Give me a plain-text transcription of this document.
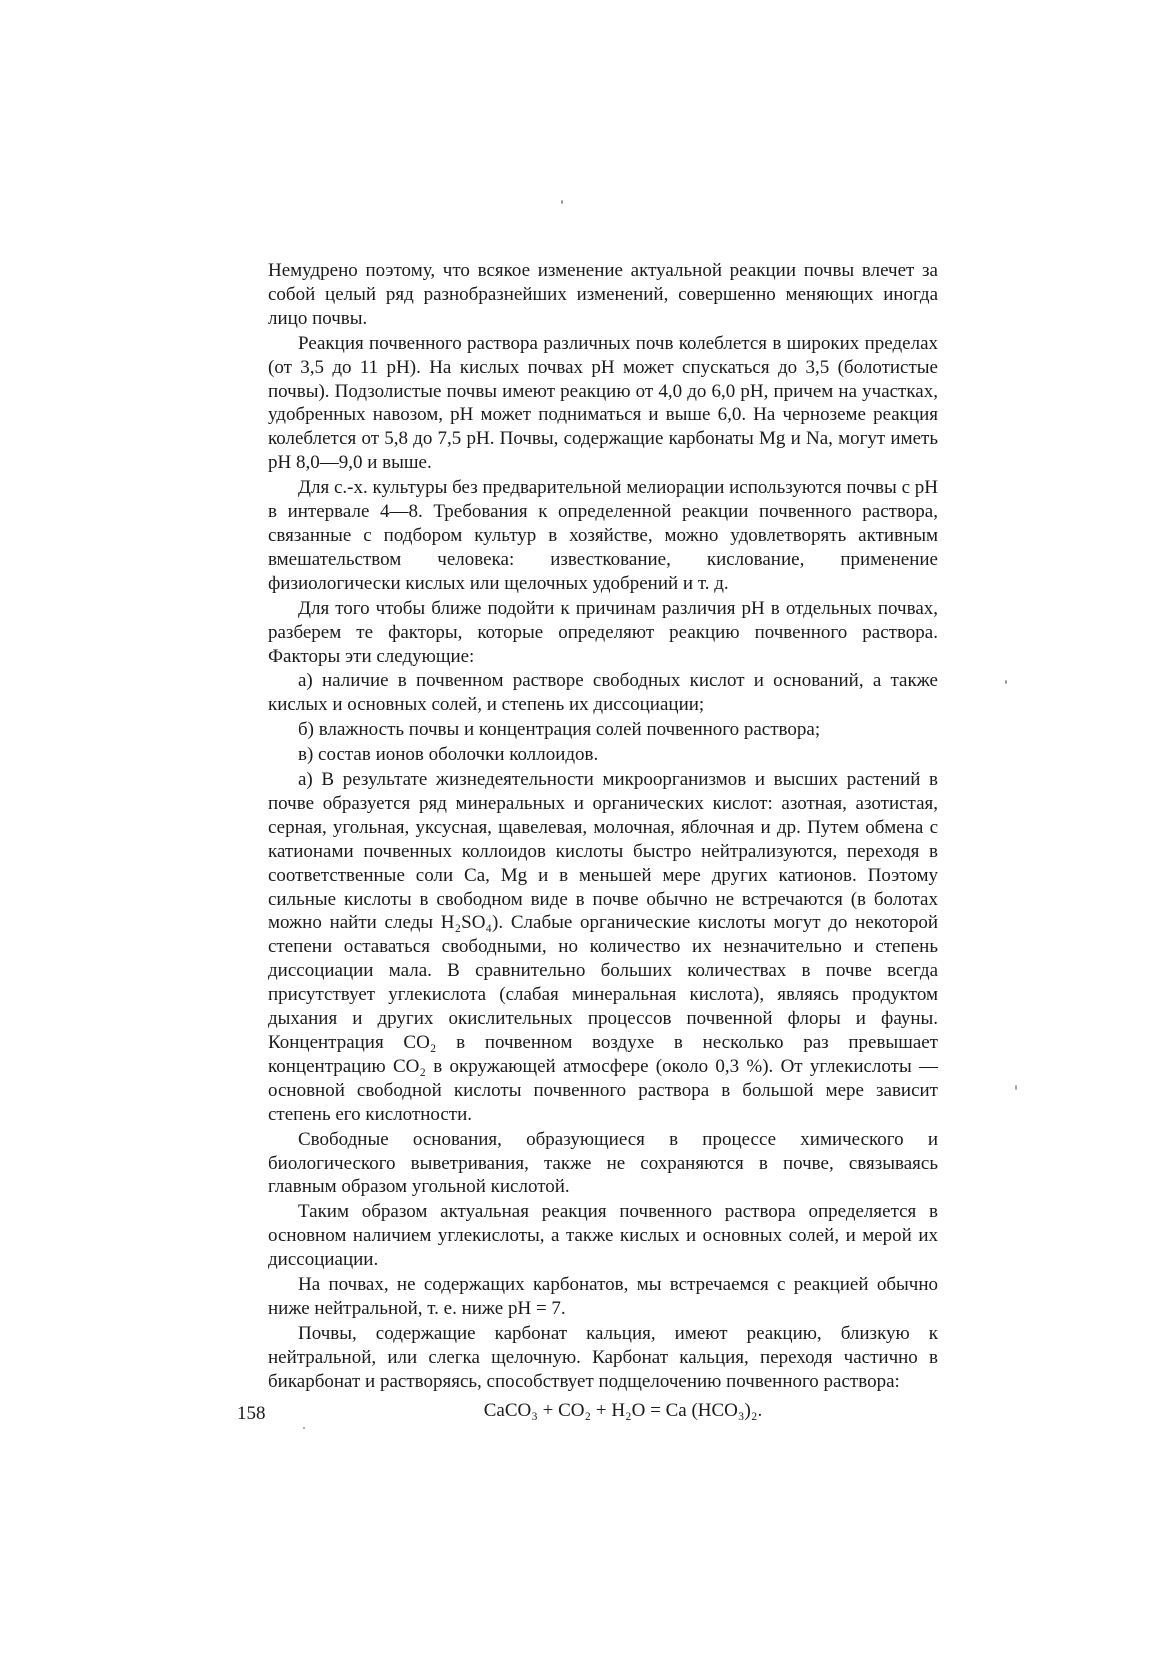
Немудрено поэтому, что всякое изменение актуальной реакции почвы влечет за собой целый ряд разнобразнейших изменений, совершенно меняющих иногда лицо почвы.

Реакция почвенного раствора различных почв колеблется в широких пределах (от 3,5 до 11 pH). На кислых почвах pH может спускаться до 3,5 (болотистые почвы). Подзолистые почвы имеют реакцию от 4,0 до 6,0 pH, причем на участках, удобренных навозом, pH может подниматься и выше 6,0. На черноземе реакция колеблется от 5,8 до 7,5 pH. Почвы, содержащие карбонаты Mg и Na, могут иметь pH 8,0—9,0 и выше.

Для с.-х. культуры без предварительной мелиорации используются почвы с pH в интервале 4—8. Требования к определенной реакции почвенного раствора, связанные с подбором культур в хозяйстве, можно удовлетворять активным вмешательством человека: известкование, кислование, применение физиологически кислых или щелочных удобрений и т. д.

Для того чтобы ближе подойти к причинам различия pH в отдельных почвах, разберем те факторы, которые определяют реакцию почвенного раствора. Факторы эти следующие:

а) наличие в почвенном растворе свободных кислот и оснований, а также кислых и основных солей, и степень их диссоциации;

б) влажность почвы и концентрация солей почвенного раствора;

в) состав ионов оболочки коллоидов.

а) В результате жизнедеятельности микроорганизмов и высших растений в почве образуется ряд минеральных и органических кислот: азотная, азотистая, серная, угольная, уксусная, щавелевая, молочная, яблочная и др. Путем обмена с катионами почвенных коллоидов кислоты быстро нейтрализуются, переходя в соответственные соли Ca, Mg и в меньшей мере других катионов. Поэтому сильные кислоты в свободном виде в почве обычно не встречаются (в болотах можно найти следы H₂SO₄). Слабые органические кислоты могут до некоторой степени оставаться свободными, но количество их незначительно и степень диссоциации мала. В сравнительно больших количествах в почве всегда присутствует углекислота (слабая минеральная кислота), являясь продуктом дыхания и других окислительных процессов почвенной флоры и фауны. Концентрация CO₂ в почвенном воздухе в несколько раз превышает концентрацию CO₂ в окружающей атмосфере (около 0,3 %). От углекислоты — основной свободной кислоты почвенного раствора в большой мере зависит степень его кислотности.

Свободные основания, образующиеся в процессе химического и биологического выветривания, также не сохраняются в почве, связываясь главным образом угольной кислотой.

Таким образом актуальная реакция почвенного раствора определяется в основном наличием углекислоты, а также кислых и основных солей, и мерой их диссоциации.

На почвах, не содержащих карбонатов, мы встречаемся с реакцией обычно ниже нейтральной, т. е. ниже pH = 7.

Почвы, содержащие карбонат кальция, имеют реакцию, близкую к нейтральной, или слегка щелочную. Карбонат кальция, переходя частично в бикарбонат и растворяясь, способствует подщелочению почвенного раствора:

CaCO₃ + CO₂ + H₂O = Ca (HCO₃)₂.

158
